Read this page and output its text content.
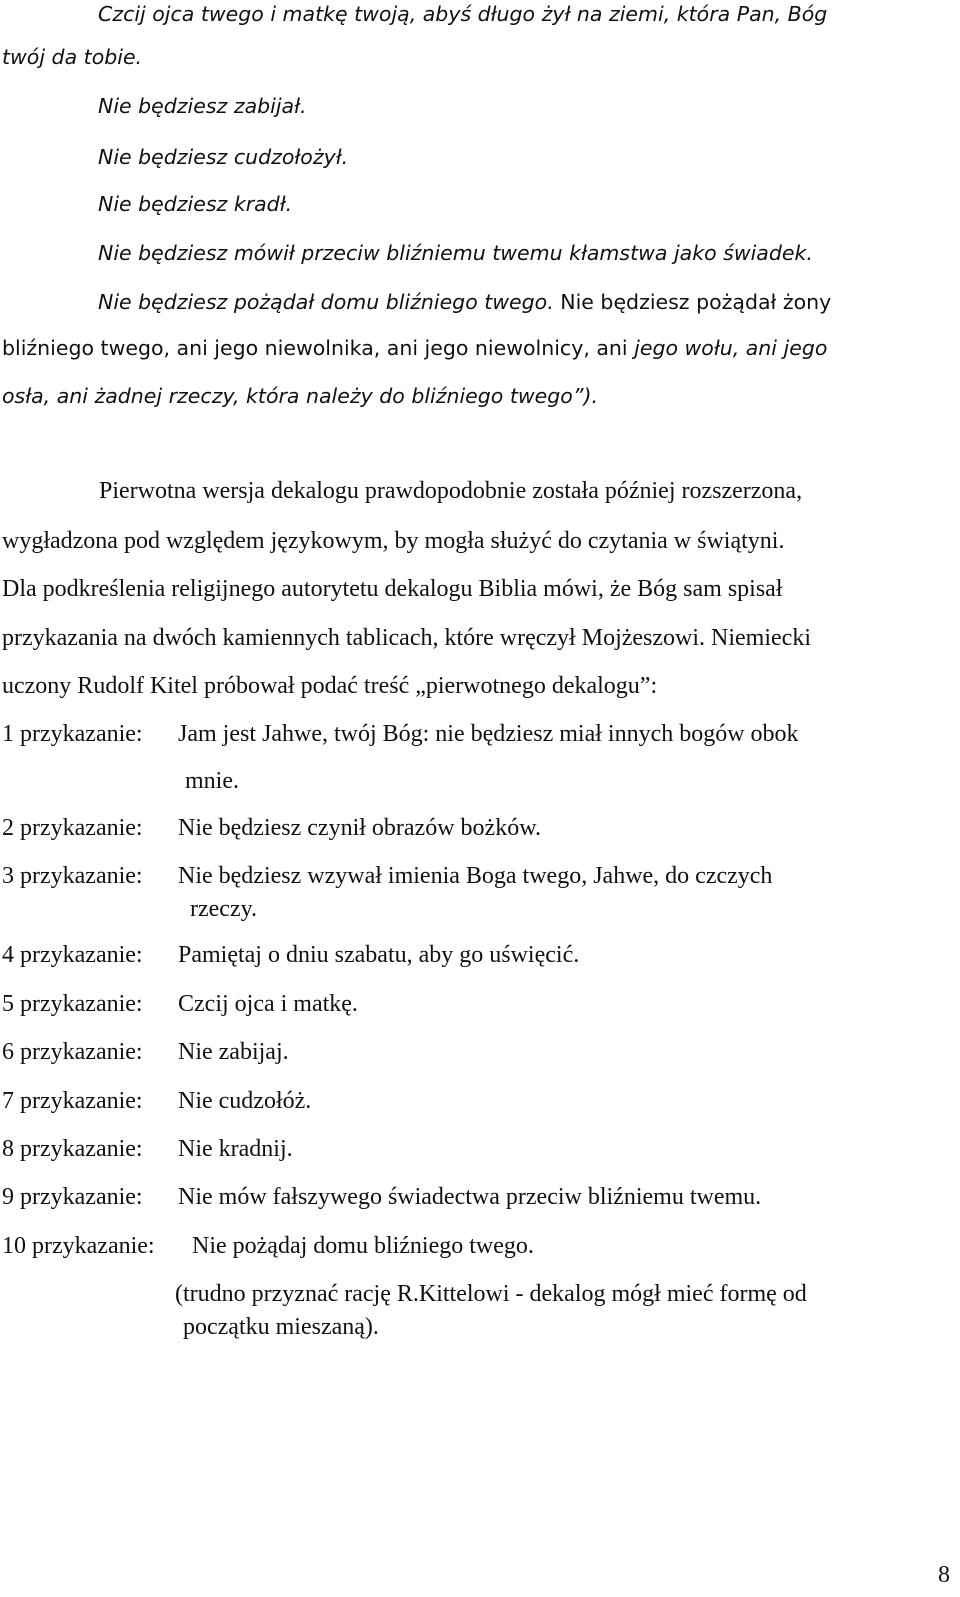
Czcij ojca twego i matkę twoją, abyś długo żył na ziemi, która Pan, Bóg
twój da tobie.
Nie będziesz zabijał.
Nie będziesz cudzołożył.
Nie będziesz kradł.
Nie będziesz mówił przeciw bliźniemu twemu kłamstwa jako świadek.
Nie będziesz pożądał domu bliźniego twego. Nie będziesz pożądał żony
bliźniego twego, ani jego niewolnika, ani jego niewolnicy, ani jego wołu, ani jego
osła, ani żadnej rzeczy, która należy do bliźniego twego”).
Pierwotna wersja dekalogu prawdopodobnie została później rozszerzona,
wygładzona pod względem językowym, by mogła służyć do czytania w świątyni.
Dla podkreślenia religijnego autorytetu dekalogu Biblia mówi, że Bóg sam spisał
przykazania na dwóch kamiennych tablicach, które wręczył Mojżeszowi. Niemiecki
uczony Rudolf Kitel próbował podać treść „pierwotnego dekalogu”:
1 przykazanie: Jam jest Jahwe, twój Bóg: nie będziesz miał innych bogów obok
mnie.
2 przykazanie: Nie będziesz czynił obrazów bożków.
3 przykazanie: Nie będziesz wzywał imienia Boga twego, Jahwe, do czczych
rzeczy.
4 przykazanie: Pamiętaj o dniu szabatu, aby go uświęcić.
5 przykazanie: Czcij ojca i matkę.
6 przykazanie: Nie zabijaj.
7 przykazanie: Nie cudzołóż.
8 przykazanie: Nie kradnij.
9 przykazanie: Nie mów fałszywego świadectwa przeciw bliźniemu twemu.
10 przykazanie: Nie pożądaj domu bliźniego twego.
(trudno przyznać rację R.Kittelowi - dekalog mógł mieć formę od
początku mieszaną).
8
